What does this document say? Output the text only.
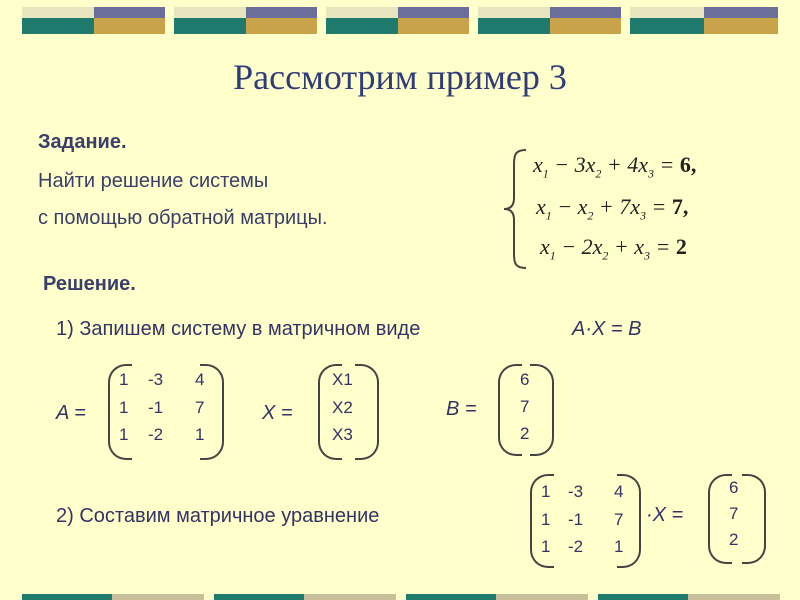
Рассмотрим пример 3
Задание.
Найти решение системы
с помощью обратной матрицы.
$x_1 - 3x_2 + 4x_3 = 6$,
$x_1 - x_2 + 7x_3 = 7$,
$x_1 - 2x_2 + x_3 = 2$
Решение.
1) Запишем систему в матричном виде	A·X = B
A =
1 -3 4
1 -1 7
1 -2 1
X =
X1
X2
X3
B =
6
7
2
2) Составим матричное уравнение
1 -3 4
1 -1 7
1 -2 1
·X =
6
7
2
